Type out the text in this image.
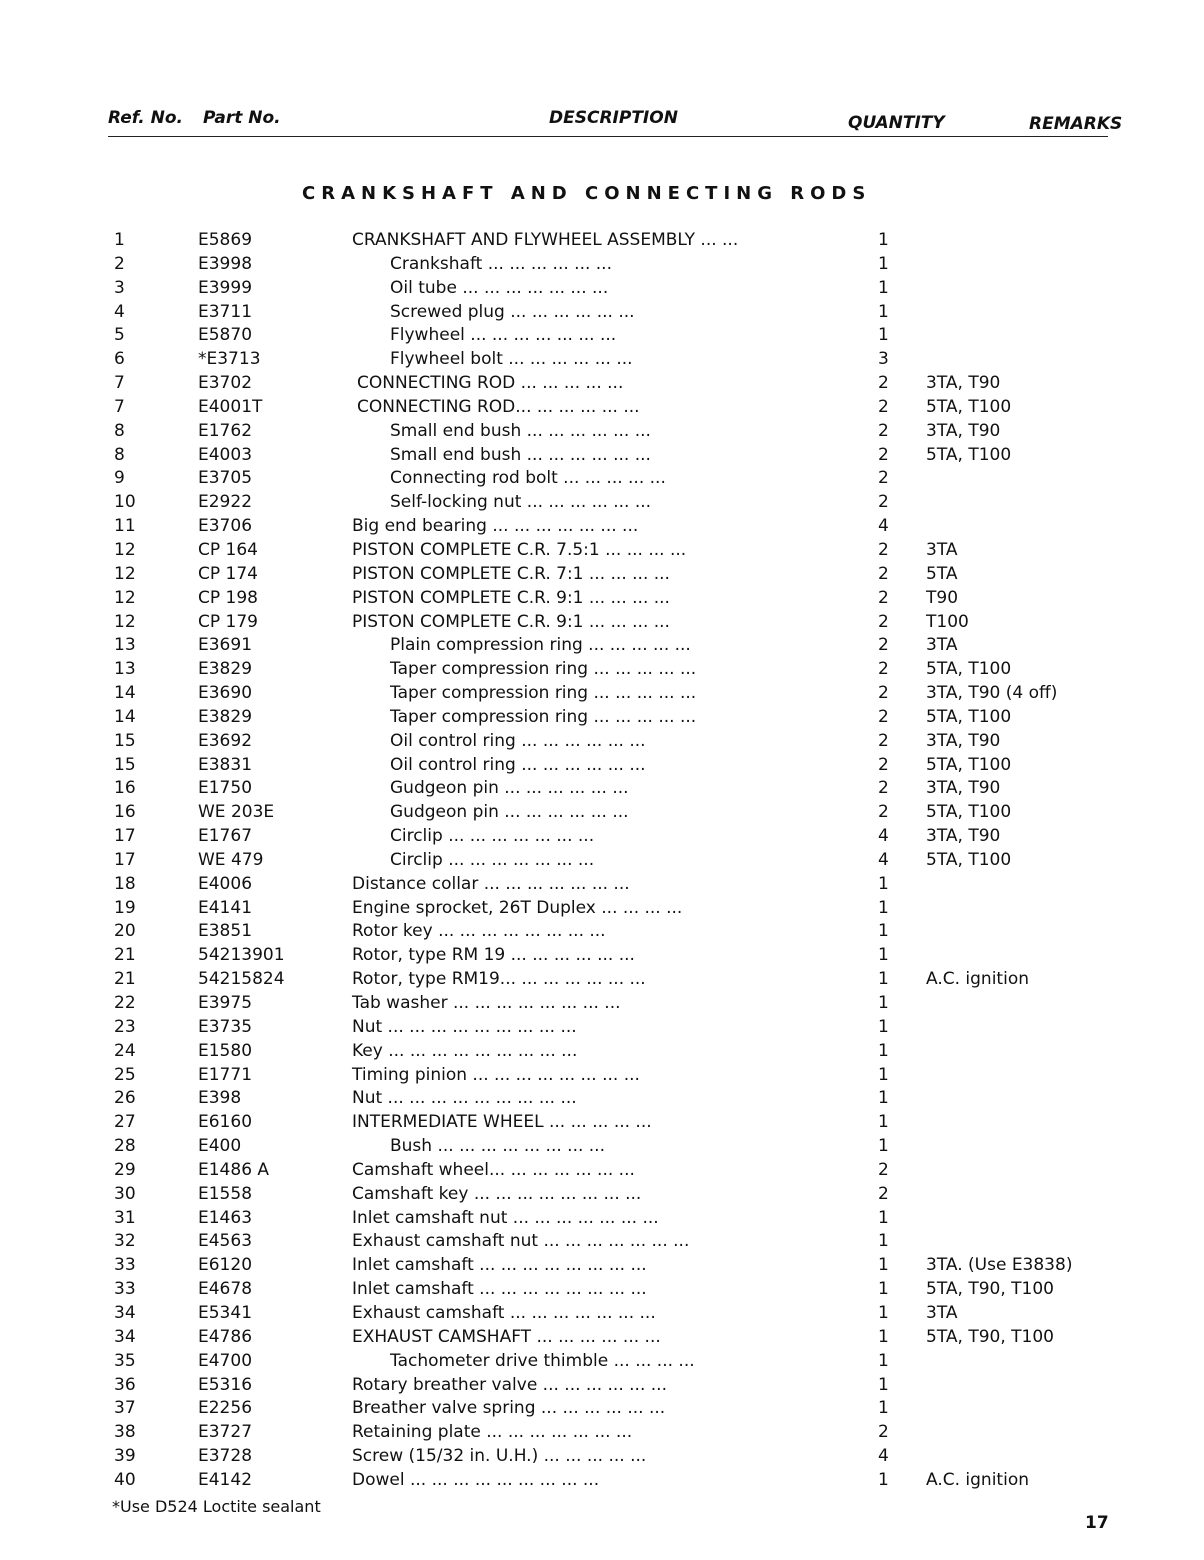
Ref. No. Part No.	DESCRIPTION	QUANTITY	REMARKS
CRANKSHAFT AND CONNECTING RODS
1	E5869	CRANKSHAFT AND FLYWHEEL ASSEMBLY ... ...	1
2	E3998	Crankshaft ... ... ... ... ... ...	1
3	E3999	Oil tube ... ... ... ... ... ... ...	1
4	E3711	Screwed plug ... ... ... ... ... ...	1
5	E5870	Flywheel ... ... ... ... ... ... ...	1
6	*E3713	Flywheel bolt ... ... ... ... ... ...	3
7	E3702	CONNECTING ROD ... ... ... ... ...	2 3TA, T90
7	E4001T	CONNECTING ROD... ... ... ... ... ...	2 5TA, T100
8	E1762	Small end bush ... ... ... ... ... ...	2 3TA, T90
8	E4003	Small end bush ... ... ... ... ... ...	2 5TA, T100
9	E3705	Connecting rod bolt ... ... ... ... ...	2
10	E2922	Self-locking nut ... ... ... ... ... ...	2
11	E3706	Big end bearing ... ... ... ... ... ... ...	4
12	CP 164	PISTON COMPLETE C.R. 7.5:1 ... ... ... ...	2 3TA
12	CP 174	PISTON COMPLETE C.R. 7:1 ... ... ... ...	2 5TA
12	CP 198	PISTON COMPLETE C.R. 9:1 ... ... ... ...	2 T90
12	CP 179	PISTON COMPLETE C.R. 9:1 ... ... ... ...	2 T100
13	E3691	Plain compression ring ... ... ... ... ...	2 3TA
13	E3829	Taper compression ring ... ... ... ... ...	2 5TA, T100
14	E3690	Taper compression ring ... ... ... ... ...	2 3TA, T90 (4 off)
14	E3829	Taper compression ring ... ... ... ... ...	2 5TA, T100
15	E3692	Oil control ring ... ... ... ... ... ...	2 3TA, T90
15	E3831	Oil control ring ... ... ... ... ... ...	2 5TA, T100
16	E1750	Gudgeon pin ... ... ... ... ... ...	2 3TA, T90
16	WE 203E	Gudgeon pin ... ... ... ... ... ...	2 5TA, T100
17	E1767	Circlip ... ... ... ... ... ... ...	4 3TA, T90
17	WE 479	Circlip ... ... ... ... ... ... ...	4 5TA, T100
18	E4006	Distance collar ... ... ... ... ... ... ...	1
19	E4141	Engine sprocket, 26T Duplex ... ... ... ...	1
20	E3851	Rotor key ... ... ... ... ... ... ... ...	1
21	54213901	Rotor, type RM 19 ... ... ... ... ... ...	1
21	54215824	Rotor, type RM19... ... ... ... ... ... ...	1 A.C. ignition
22	E3975	Tab washer ... ... ... ... ... ... ... ...	1
23	E3735	Nut ... ... ... ... ... ... ... ... ...	1
24	E1580	Key ... ... ... ... ... ... ... ... ...	1
25	E1771	Timing pinion ... ... ... ... ... ... ... ...	1
26	E398	Nut ... ... ... ... ... ... ... ... ...	1
27	E6160	INTERMEDIATE WHEEL ... ... ... ... ...	1
28	E400	Bush ... ... ... ... ... ... ... ...	1
29	E1486 A	Camshaft wheel... ... ... ... ... ... ...	2
30	E1558	Camshaft key ... ... ... ... ... ... ... ...	2
31	E1463	Inlet camshaft nut ... ... ... ... ... ... ...	1
32	E4563	Exhaust camshaft nut ... ... ... ... ... ... ...	1
33	E6120	Inlet camshaft ... ... ... ... ... ... ... ...	1 3TA. (Use E3838)
33	E4678	Inlet camshaft ... ... ... ... ... ... ... ...	1 5TA, T90, T100
34	E5341	Exhaust camshaft ... ... ... ... ... ... ...	1 3TA
34	E4786	EXHAUST CAMSHAFT ... ... ... ... ... ...	1 5TA, T90, T100
35	E4700	Tachometer drive thimble ... ... ... ...	1
36	E5316	Rotary breather valve ... ... ... ... ... ...	1
37	E2256	Breather valve spring ... ... ... ... ... ...	1
38	E3727	Retaining plate ... ... ... ... ... ... ...	2
39	E3728	Screw (15/32 in. U.H.) ... ... ... ... ...	4
40	E4142	Dowel ... ... ... ... ... ... ... ... ...	1 A.C. ignition
*Use D524 Loctite sealant
17
